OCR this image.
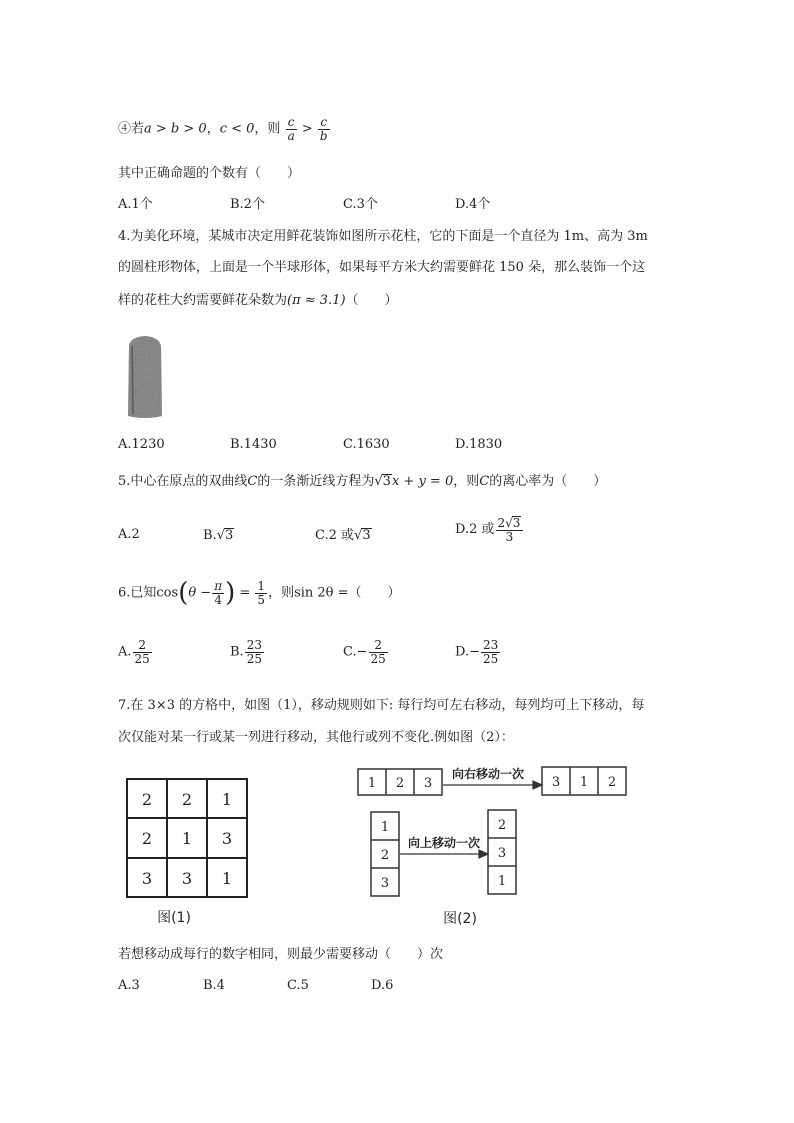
④若a > b > 0，c < 0，则 $\frac{c}{a} > \frac{c}{b}$
其中正确命题的个数有（　　）
A.1个	B.2个	C.3个	D.4个
4.为美化环境，某城市决定用鲜花装饰如图所示花柱，它的下面是一个直径为 1m、高为 3m
的圆柱形物体，上面是一个半球形体，如果每平方米大约需要鲜花 150 朵，那么装饰一个这
样的花柱大约需要鲜花朵数为(π ≈ 3.1)（　　）
A.1230	B.1430	C.1630	D.1830
5.中心在原点的双曲线C的一条渐近线方程为√3x + y = 0，则C的离心率为（　　）
A.2	B.√3	C.2 或√3	D.2 或 $\frac{2√3}{3}$
6.已知$\cos(\theta - \frac{\pi}{4}$ ) = $\frac{1}{5}$ ，则sin 2θ =（　　）
A. $\frac{2}{25}$	B. $\frac{23}{25}$	$C.- \frac{2}{25}$	$D.- \frac{23}{25}$
7.在 3×3 的方格中，如图（1），移动规则如下: 每行均可左右移动，每列均可上下移动，每
次仅能对某一行或某一列进行移动，其他行或列不变化.例如图（2）：
2 2 1
2 1 3
3 3 1
图(1)
1 2 3	3 1 2
1
2
3
2
3
1
向右移动一次
向上移动一次
图(2)
若想移动成每行的数字相同，则最少需要移动（　　）次
A.3	B.4	C.5	D.6
